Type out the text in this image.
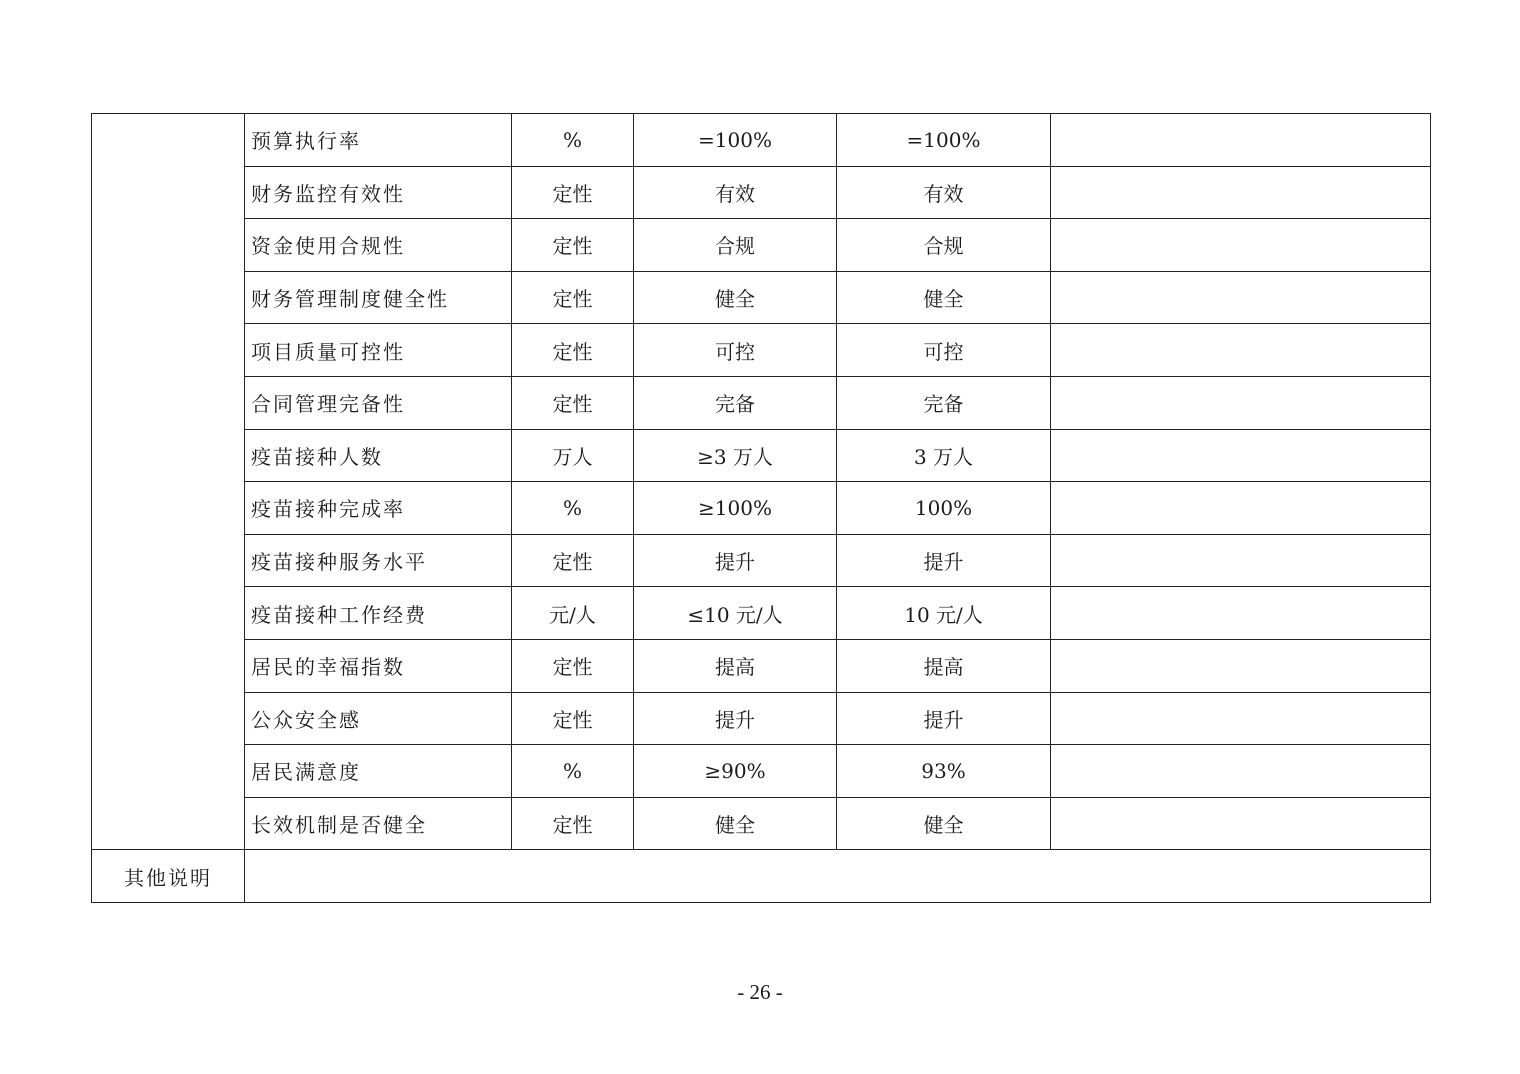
	预算执行率	%	=100%	=100%	
	财务监控有效性	定性	有效	有效	
	资金使用合规性	定性	合规	合规	
	财务管理制度健全性	定性	健全	健全	
	项目质量可控性	定性	可控	可控	
	合同管理完备性	定性	完备	完备	
	疫苗接种人数	万人	≥3 万人	3 万人	
	疫苗接种完成率	%	≥100%	100%	
	疫苗接种服务水平	定性	提升	提升	
	疫苗接种工作经费	元/人	≤10 元/人	10 元/人	
	居民的幸福指数	定性	提高	提高	
	公众安全感	定性	提升	提升	
	居民满意度	%	≥90%	93%	
	长效机制是否健全	定性	健全	健全	
其他说明					
- 26 -
